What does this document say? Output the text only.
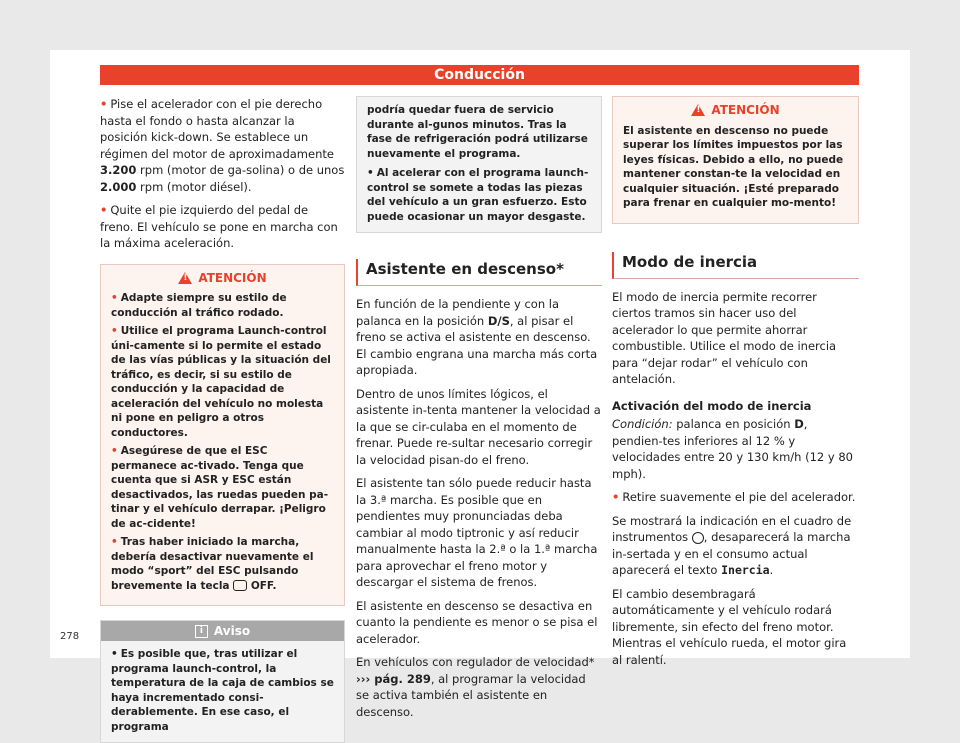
Conducción

• Pise el acelerador con el pie derecho hasta el fondo o hasta alcanzar la posición kick-down. Se establece un régimen del motor de aproximadamente 3.200 rpm (motor de ga-solina) o de unos 2.000 rpm (motor diésel).

• Quite el pie izquierdo del pedal de freno. El vehículo se pone en marcha con la máxima aceleración.

!
ATENCIÓN

• Adapte siempre su estilo de conducción al tráfico rodado.

• Utilice el programa Launch-control úni-camente si lo permite el estado de las vías públicas y la situación del tráfico, es decir, si su estilo de conducción y la capacidad de aceleración del vehículo no molesta ni pone en peligro a otros conductores.

• Asegúrese de que el ESC permanece ac-tivado. Tenga que cuenta que si ASR y ESC están desactivados, las ruedas pueden pa-tinar y el vehículo derrapar. ¡Peligro de ac-cidente!

• Tras haber iniciado la marcha, debería desactivar nuevamente el modo “sport” del ESC pulsando brevemente la tecla OFF.

i Aviso

• Es posible que, tras utilizar el programa launch-control, la temperatura de la caja de cambios se haya incrementado consi-derablemente. En ese caso, el programa

podría quedar fuera de servicio durante al-gunos minutos. Tras la fase de refrigeración podrá utilizarse nuevamente el programa.

• Al acelerar con el programa launch-control se somete a todas las piezas del vehículo a un gran esfuerzo. Esto puede ocasionar un mayor desgaste.

Asistente en descenso*

En función de la pendiente y con la palanca en la posición D/S, al pisar el freno se activa el asistente en descenso. El cambio engrana una marcha más corta apropiada.

Dentro de unos límites lógicos, el asistente in-tenta mantener la velocidad a la que se cir-culaba en el momento de frenar. Puede re-sultar necesario corregir la velocidad pisan-do el freno.

El asistente tan sólo puede reducir hasta la 3.ª marcha. Es posible que en pendientes muy pronunciadas deba cambiar al modo tiptronic y así reducir manualmente hasta la 2.ª o la 1.ª marcha para aprovechar el freno motor y descargar el sistema de frenos.

El asistente en descenso se desactiva en cuanto la pendiente es menor o se pisa el acelerador.

En vehículos con regulador de velocidad* ››› pág. 289, al programar la velocidad se activa también el asistente en descenso.

!
ATENCIÓN

El asistente en descenso no puede superar los límites impuestos por las leyes físicas. Debido a ello, no puede mantener constan-te la velocidad en cualquier situación. ¡Esté preparado para frenar en cualquier mo-mento!

Modo de inercia

El modo de inercia permite recorrer ciertos tramos sin hacer uso del acelerador lo que permite ahorrar combustible. Utilice el modo de inercia para “dejar rodar” el vehículo con antelación.

Activación del modo de inercia

Condición: palanca en posición D, pendien-tes inferiores al 12 % y velocidades entre 20 y 130 km/h (12 y 80 mph).

• Retire suavemente el pie del acelerador.

Se mostrará la indicación en el cuadro de instrumentos , desaparecerá la marcha in-sertada y en el consumo actual aparecerá el texto Inercia.

El cambio desembragará automáticamente y el vehículo rodará libremente, sin efecto del freno motor. Mientras el vehículo rueda, el motor gira al ralentí.

278
